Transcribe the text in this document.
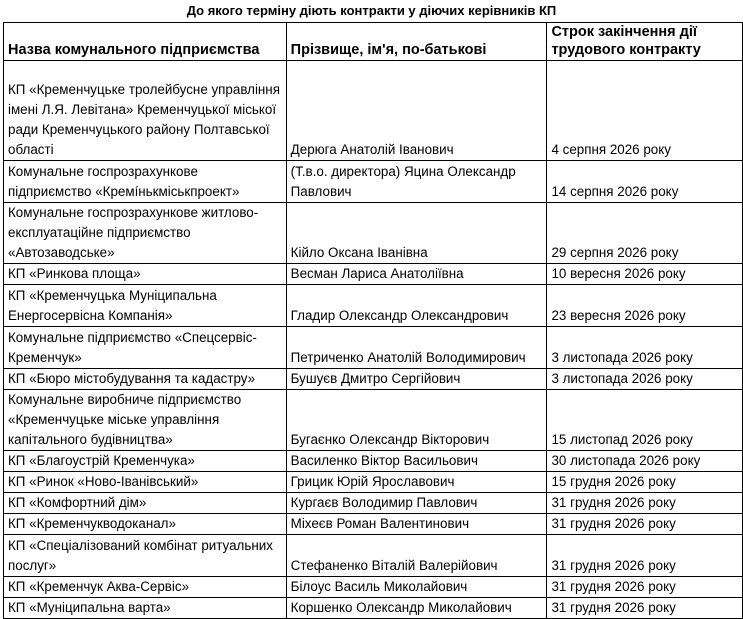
До якого терміну діють контракти у діючих керівників КП
Назва комунального підприємства	Прізвище, ім'я, по-батькові	Строк закінчення дії трудового контракту
КП «Кременчуцьке тролейбусне управління імені Л.Я. Левітана» Кременчуцької міської ради Кременчуцького району Полтавської області	Дерюга Анатолій Іванович	4 серпня 2026 року
Комунальне госпрозрахункове підприємство «Кремíнькміськпроект»	(Т.в.о. директора) Яцина Олександр Павлович	14 серпня 2026 року
Комунальне госпрозрахункове житлово-експлуатаційне підприємство «Автозаводське»	Кійло Оксана Іванівна	29 серпня 2026 року
КП «Ринкова площа»	Весман Лариса Анатоліївна	10 вересня 2026 року
КП «Кременчуцька Муніципальна Енергосервісна Компанія»	Гладир Олександр Олександрович	23 вересня 2026 року
Комунальне підприємство «Спецсервіс-Кременчук»	Петриченко Анатолій Володимирович	3 листопада 2026 року
КП «Бюро містобудування та кадастру»	Бушуєв Дмитро Сергійович	3 листопада 2026 року
Комунальне виробниче підприємство «Кременчуцьке міське управління капітального будівництва»	Бугаєнко Олександр Вікторович	15 листопад 2026 року
КП «Благоустрій Кременчука»	Василенко Віктор Васильович	30 листопада 2026 року
КП «Ринок «Ново-Іванівський»	Грицик Юрій Ярославович	15 грудня 2026 року
КП «Комфортний дім»	Кургаєв Володимир Павлович	31 грудня 2026 року
КП «Кременчукводоканал»	Міхеєв Роман Валентинович	31 грудня 2026 року
КП «Спеціалізований комбінат ритуальних послуг»	Стефаненко Віталій Валерійович	31 грудня 2026 року
КП «Кременчук Аква-Сервіс»	Білоус Василь Миколайович	31 грудня 2026 року
КП «Муніципальна варта»	Коршенко Олександр Миколайович	31 грудня 2026 року
